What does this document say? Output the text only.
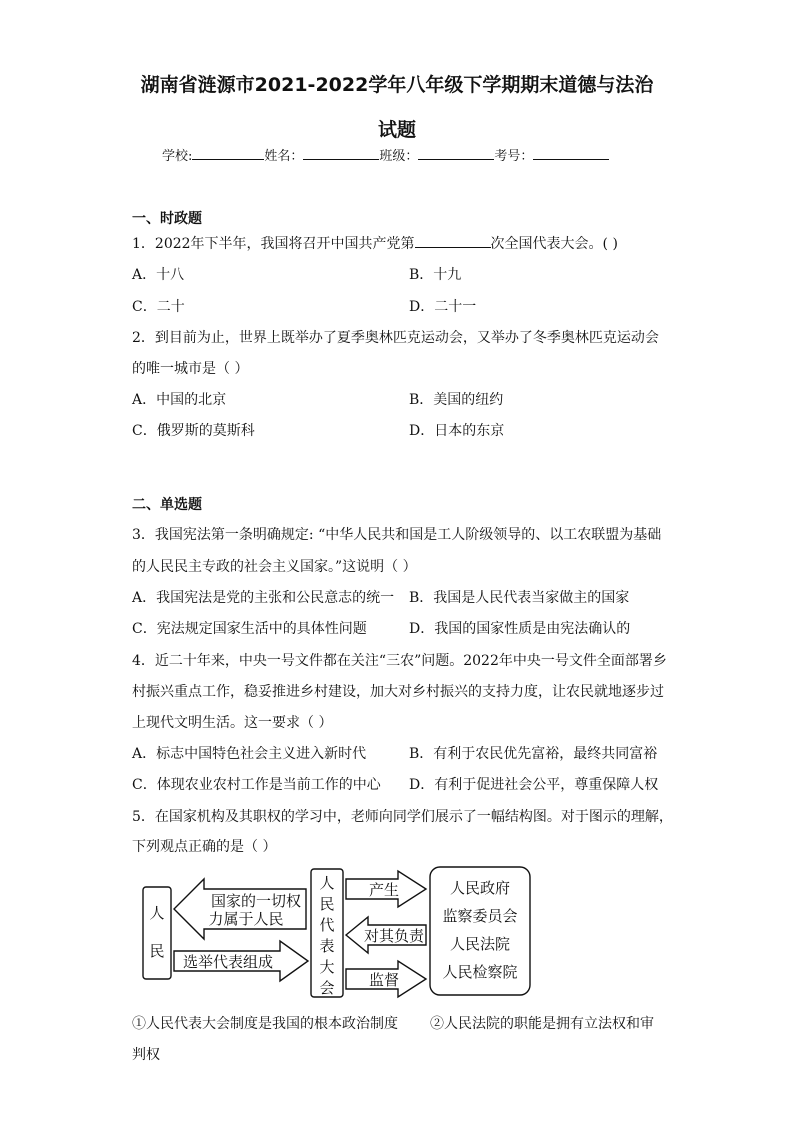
湖南省涟源市2021-2022学年八年级下学期期末道德与法治
试题
学校:	姓名：	班级：	考号：
一、时政题
1．2022年下半年，我国将召开中国共产党第	次全国代表大会。( )
A．十八	B．十九
C．二十	D．二十一
2．到目前为止，世界上既举办了夏季奥林匹克运动会，又举办了冬季奥林匹克运动会
的唯一城市是（ ）
A．中国的北京	B．美国的纽约
C．俄罗斯的莫斯科	D．日本的东京
二、单选题
3．我国宪法第一条明确规定: “中华人民共和国是工人阶级领导的、以工农联盟为基础
的人民民主专政的社会主义国家。”这说明（ ）
A．我国宪法是党的主张和公民意志的统一 B．我国是人民代表当家做主的国家
C．宪法规定国家生活中的具体性问题	D．我国的国家性质是由宪法确认的
4．近二十年来，中央一号文件都在关注“三农”问题。2022年中央一号文件全面部署乡
村振兴重点工作，稳妥推进乡村建设，加大对乡村振兴的支持力度，让农民就地逐步过
上现代文明生活。这一要求（ ）
A．标志中国特色社会主义进入新时代	B．有利于农民优先富裕，最终共同富裕
C．体现农业农村工作是当前工作的中心 D．有利于促进社会公平，尊重保障人权
5．在国家机构及其职权的学习中，老师向同学们展示了一幅结构图。对于图示的理解，
下列观点正确的是（ ）
人
民
国家的一切权
力属于人民
选举代表组成
人
民
代
表
大
会
产生
对其负责
监督
人民政府
监察委员会
人民法院
人民检察院
①人民代表大会制度是我国的根本政治制度 ②人民法院的职能是拥有立法权和审
判权
